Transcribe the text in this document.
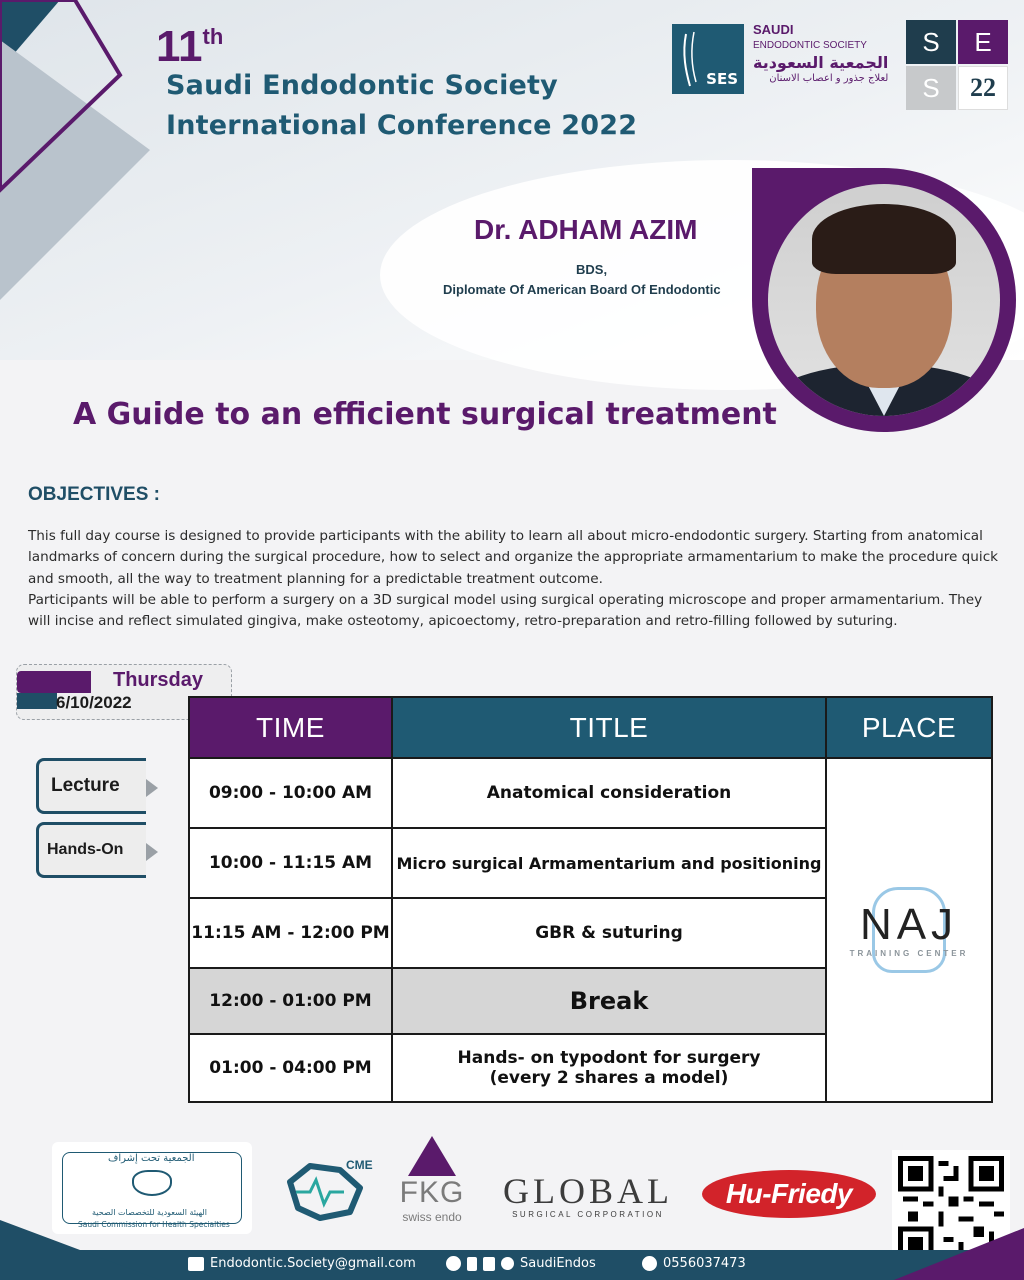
11th
Saudi Endodontic Society
International Conference 2022
SES
SAUDI
ENDODONTIC SOCIETY
الجمعية السعودية
لعلاج جذور و اعصاب الاسنان
S	E
S	22
Dr. ADHAM AZIM
BDS,
Diplomate Of American Board Of Endodontic
A Guide to an efficient surgical treatment
OBJECTIVES :

This full day course is designed to provide participants with the ability to learn all about micro-endodontic surgery. Starting from anatomical landmarks of concern during the surgical procedure, how to select and organize the appropriate armamentarium to make the procedure quick and smooth, all the way to treatment planning for a predictable treatment outcome.

Participants will be able to perform a surgery on a 3D surgical model using surgical operating microscope and proper armamentarium. They will incise and reflect simulated gingiva, make osteotomy, apicoectomy, retro-preparation and retro-filling followed by suturing.

Thursday
6/10/2022
Lecture
Hands-On
TIME	TITLE	PLACE
09:00 - 10:00 AM	Anatomical consideration	NAJ
TRAINING CENTER

10:00 - 11:15 AM	Micro surgical Armamentarium and positioning	
11:15 AM - 12:00 PM	GBR & suturing	
12:00 - 01:00 PM	Break	
01:00 - 04:00 PM	Hands- on typodont for surgery
(every 2 shares a model)	
الجمعية تحت إشراف
الهيئة السعودية للتخصصات الصحية
Saudi Commission for Health Specialties
CME
FKG
swiss endo
GLOBAL
SURGICAL CORPORATION
Hu-Friedy
Endodontic.Society@gmail.com	SaudiEndos	0556037473
